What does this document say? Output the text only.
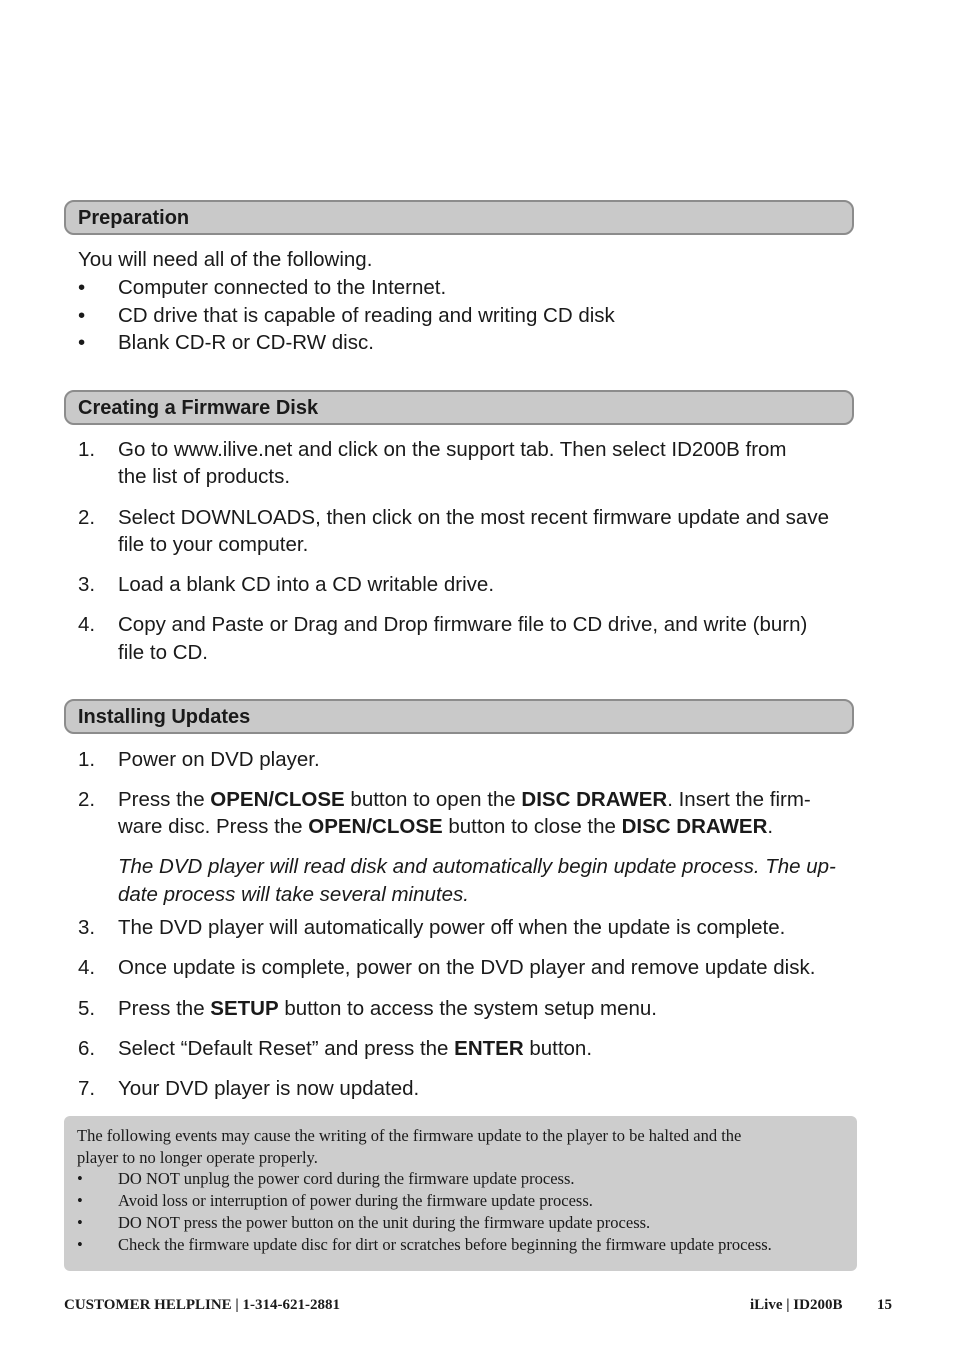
Preparation
You will need all of the following.
• Computer connected to the Internet.
• CD drive that is capable of reading and writing CD disk
• Blank CD-R or CD-RW disc.
Creating a Firmware Disk
1. Go to www.ilive.net and click on the support tab. Then select ID200B from
the list of products.
2. Select DOWNLOADS, then click on the most recent firmware update and save
file to your computer.
3. Load a blank CD into a CD writable drive.
4. Copy and Paste or Drag and Drop firmware file to CD drive, and write (burn)
file to CD.
Installing Updates
1. Power on DVD player.
2. Press the OPEN/CLOSE button to open the DISC DRAWER. Insert the firm-
ware disc. Press the OPEN/CLOSE button to close the DISC DRAWER.
The DVD player will read disk and automatically begin update process. The up-
date process will take several minutes.
3. The DVD player will automatically power off when the update is complete.
4. Once update is complete, power on the DVD player and remove update disk.
5. Press the SETUP button to access the system setup menu.
6. Select “Default Reset” and press the ENTER button.
7. Your DVD player is now updated.
The following events may cause the writing of the firmware update to the player to be halted and the
player to no longer operate properly.
• DO NOT unplug the power cord during the firmware update process.
• Avoid loss or interruption of power during the firmware update process.
• DO NOT press the power button on the unit during the firmware update process.
• Check the firmware update disc for dirt or scratches before beginning the firmware update process.
CUSTOMER HELPLINE | 1-314-621-2881	iLive | ID200B 15
